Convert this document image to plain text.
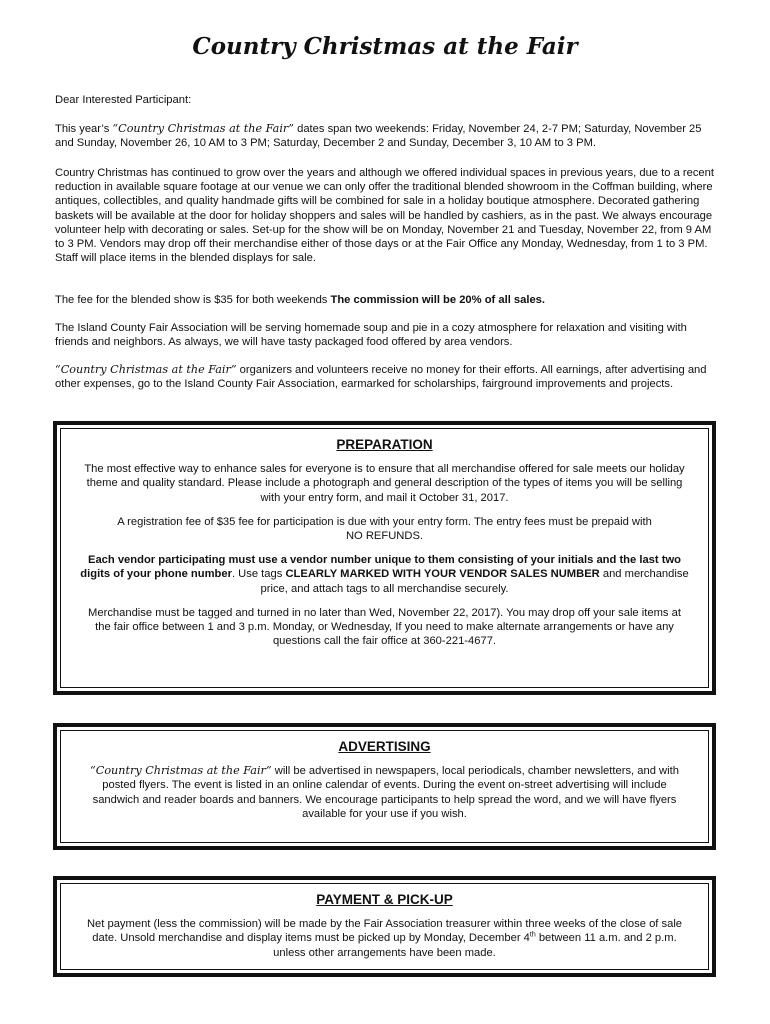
Country Christmas at the Fair
Dear Interested Participant:
This year’s “Country Christmas at the Fair” dates span two weekends: Friday, November 24, 2-7 PM; Saturday, November 25 and Sunday, November 26, 10 AM to 3 PM; Saturday, December 2 and Sunday, December 3, 10 AM to 3 PM.
Country Christmas has continued to grow over the years and although we offered individual spaces in previous years, due to a recent reduction in available square footage at our venue we can only offer the traditional blended showroom in the Coffman building, where antiques, collectibles, and quality handmade gifts will be combined for sale in a holiday boutique atmosphere. Decorated gathering baskets will be available at the door for holiday shoppers and sales will be handled by cashiers, as in the past. We always encourage volunteer help with decorating or sales. Set-up for the show will be on Monday, November 21 and Tuesday, November 22, from 9 AM to 3 PM. Vendors may drop off their merchandise either of those days or at the Fair Office any Monday, Wednesday, from 1 to 3 PM. Staff will place items in the blended displays for sale.
The fee for the blended show is $35 for both weekends The commission will be 20% of all sales.
The Island County Fair Association will be serving homemade soup and pie in a cozy atmosphere for relaxation and visiting with friends and neighbors. As always, we will have tasty packaged food offered by area vendors.
“Country Christmas at the Fair” organizers and volunteers receive no money for their efforts. All earnings, after advertising and other expenses, go to the Island County Fair Association, earmarked for scholarships, fairground improvements and projects.
PREPARATION
The most effective way to enhance sales for everyone is to ensure that all merchandise offered for sale meets our holiday theme and quality standard. Please include a photograph and general description of the types of items you will be selling with your entry form, and mail it October 31, 2017.
A registration fee of $35 fee for participation is due with your entry form. The entry fees must be prepaid with
NO REFUNDS.
Each vendor participating must use a vendor number unique to them consisting of your initials and the last two digits of your phone number. Use tags CLEARLY MARKED WITH YOUR VENDOR SALES NUMBER and merchandise price, and attach tags to all merchandise securely.
Merchandise must be tagged and turned in no later than Wed, November 22, 2017). You may drop off your sale items at the fair office between 1 and 3 p.m. Monday, or Wednesday, If you need to make alternate arrangements or have any questions call the fair office at 360-221-4677.
ADVERTISING
“Country Christmas at the Fair” will be advertised in newspapers, local periodicals, chamber newsletters, and with posted flyers. The event is listed in an online calendar of events. During the event on-street advertising will include sandwich and reader boards and banners. We encourage participants to help spread the word, and we will have flyers available for your use if you wish.
PAYMENT & PICK-UP
Net payment (less the commission) will be made by the Fair Association treasurer within three weeks of the close of sale date. Unsold merchandise and display items must be picked up by Monday, December 4th between 11 a.m. and 2 p.m. unless other arrangements have been made.
